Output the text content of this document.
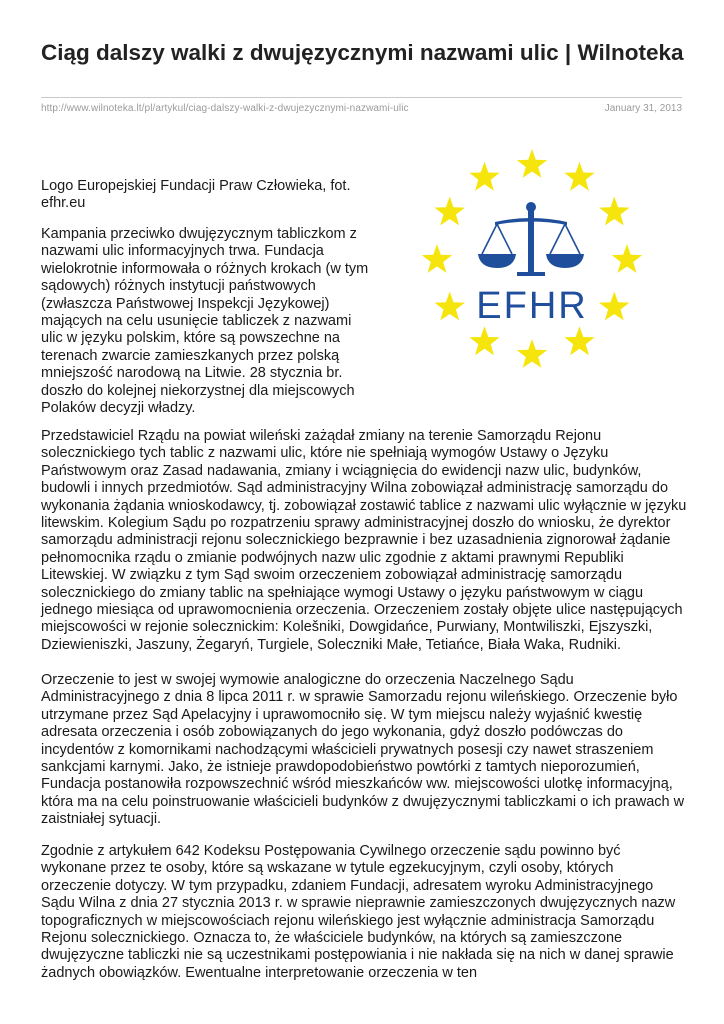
Ciąg dalszy walki z dwujęzycznymi nazwami ulic | Wilnoteka
http://www.wilnoteka.lt/pl/artykul/ciag-dalszy-walki-z-dwujezycznymi-nazwami-ulic	January 31, 2013

Logo Europejskiej Fundacji Praw Człowieka, fot. efhr.eu

Kampania przeciwko dwujęzycznym tabliczkom z nazwami ulic informacyjnych trwa. Fundacja wielokrotnie informowała o różnych krokach (w tym sądowych) różnych instytucji państwowych (zwłaszcza Państwowej Inspekcji Językowej) mających na celu usunięcie tabliczek z nazwami ulic w języku polskim, które są powszechne na terenach zwarcie zamieszkanych przez polską mniejszość narodową na Litwie. 28 stycznia br. doszło do kolejnej niekorzystnej dla miejscowych Polaków decyzji władzy.

EFHR

Przedstawiciel Rządu na powiat wileński zażądał zmiany na terenie Samorządu Rejonu solecznickiego tych tablic z nazwami ulic, które nie spełniają wymogów Ustawy o Języku Państwowym oraz Zasad nadawania, zmiany i wciągnięcia do ewidencji nazw ulic, budynków, budowli i innych przedmiotów. Sąd administracyjny Wilna zobowiązał administrację samorządu do wykonania żądania wnioskodawcy, tj. zobowiązał zostawić tablice z nazwami ulic wyłącznie w języku litewskim. Kolegium Sądu po rozpatrzeniu sprawy administracyjnej doszło do wniosku, że dyrektor samorządu administracji rejonu solecznickiego bezprawnie i bez uzasadnienia zignorował żądanie pełnomocnika rządu o zmianie podwójnych nazw ulic zgodnie z aktami prawnymi Republiki Litewskiej. W związku z tym Sąd swoim orzeczeniem zobowiązał administrację samorządu solecznickiego do zmiany tablic na spełniające wymogi Ustawy o języku państwowym w ciągu jednego miesiąca od uprawomocnienia orzeczenia. Orzeczeniem zostały objęte ulice następujących miejscowości w rejonie solecznickim: Kolešniki, Dowgidańce, Purwiany, Montwiliszki, Ejszyszki, Dziewieniszki, Jaszuny, Żegaryń, Turgiele, Soleczniki Małe, Tetiańce, Biała Waka, Rudniki.

Orzeczenie to jest w swojej wymowie analogiczne do orzeczenia Naczelnego Sądu Administracyjnego z dnia 8 lipca 2011 r. w sprawie Samorzadu rejonu wileńskiego. Orzeczenie było utrzymane przez Sąd Apelacyjny i uprawomocniło się. W tym miejscu należy wyjaśnić kwestię adresata orzeczenia i osób zobowiązanych do jego wykonania, gdyż doszło podówczas do incydentów z komornikami nachodzącymi właścicieli prywatnych posesji czy nawet straszeniem sankcjami karnymi. Jako, że istnieje prawdopodobieństwo powtórki z tamtych nieporozumień, Fundacja postanowiła rozpowszechnić wśród mieszkańców ww. miejscowości ulotkę informacyjną, która ma na celu poinstruowanie właścicieli budynków z dwujęzycznymi tabliczkami o ich prawach w zaistniałej sytuacji.

Zgodnie z artykułem 642 Kodeksu Postępowania Cywilnego orzeczenie sądu powinno być wykonane przez te osoby, które są wskazane w tytule egzekucyjnym, czyli osoby, których orzeczenie dotyczy. W tym przypadku, zdaniem Fundacji, adresatem wyroku Administracyjnego Sądu Wilna z dnia 27 stycznia 2013 r. w sprawie nieprawnie zamieszczonych dwujęzycznych nazw topograficznych w miejscowościach rejonu wileńskiego jest wyłącznie administracja Samorządu Rejonu solecznickiego. Oznacza to, że właściciele budynków, na których są zamieszczone dwujęzyczne tabliczki nie są uczestnikami postępowiania i nie nakłada się na nich w danej sprawie żadnych obowiązków. Ewentualne interpretowanie orzeczenia w ten
